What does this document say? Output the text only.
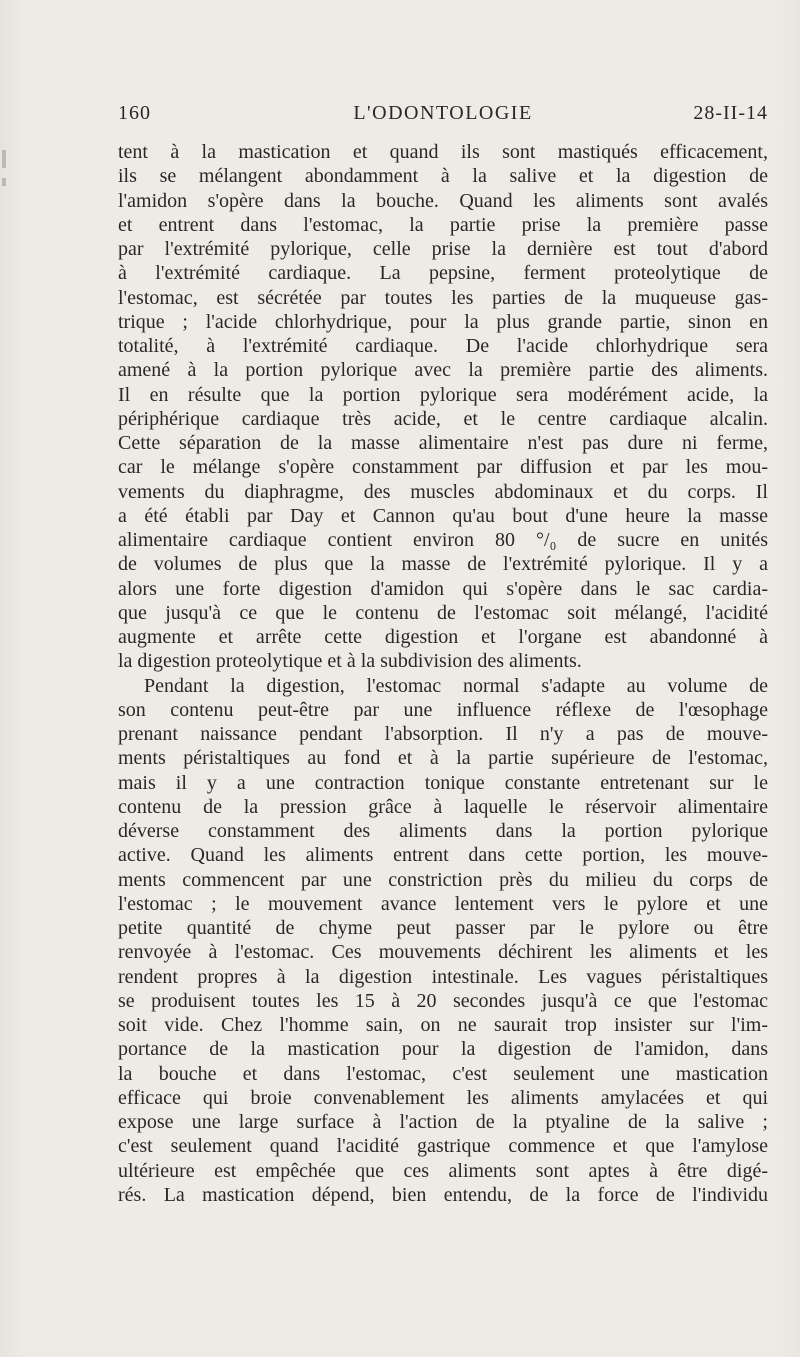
160	L'ODONTOLOGIE	28-II-14
tent à la mastication et quand ils sont mastiqués efficacement,
ils se mélangent abondamment à la salive et la digestion de
l'amidon s'opère dans la bouche. Quand les aliments sont avalés
et entrent dans l'estomac, la partie prise la première passe
par l'extrémité pylorique, celle prise la dernière est tout d'abord
à l'extrémité cardiaque. La pepsine, ferment proteolytique de
l'estomac, est sécrétée par toutes les parties de la muqueuse gas-
trique ; l'acide chlorhydrique, pour la plus grande partie, sinon en
totalité, à l'extrémité cardiaque. De l'acide chlorhydrique sera
amené à la portion pylorique avec la première partie des aliments.
Il en résulte que la portion pylorique sera modérément acide, la
périphérique cardiaque très acide, et le centre cardiaque alcalin.
Cette séparation de la masse alimentaire n'est pas dure ni ferme,
car le mélange s'opère constamment par diffusion et par les mou-
vements du diaphragme, des muscles abdominaux et du corps. Il
a été établi par Day et Cannon qu'au bout d'une heure la masse
alimentaire cardiaque contient environ 80 °/₀ de sucre en unités
de volumes de plus que la masse de l'extrémité pylorique. Il y a
alors une forte digestion d'amidon qui s'opère dans le sac cardia-
que jusqu'à ce que le contenu de l'estomac soit mélangé, l'acidité
augmente et arrête cette digestion et l'organe est abandonné à
la digestion proteolytique et à la subdivision des aliments.
Pendant la digestion, l'estomac normal s'adapte au volume de
son contenu peut-être par une influence réflexe de l'œsophage
prenant naissance pendant l'absorption. Il n'y a pas de mouve-
ments péristaltiques au fond et à la partie supérieure de l'estomac,
mais il y a une contraction tonique constante entretenant sur le
contenu de la pression grâce à laquelle le réservoir alimentaire
déverse constamment des aliments dans la portion pylorique
active. Quand les aliments entrent dans cette portion, les mouve-
ments commencent par une constriction près du milieu du corps de
l'estomac ; le mouvement avance lentement vers le pylore et une
petite quantité de chyme peut passer par le pylore ou être
renvoyée à l'estomac. Ces mouvements déchirent les aliments et les
rendent propres à la digestion intestinale. Les vagues péristaltiques
se produisent toutes les 15 à 20 secondes jusqu'à ce que l'estomac
soit vide. Chez l'homme sain, on ne saurait trop insister sur l'im-
portance de la mastication pour la digestion de l'amidon, dans
la bouche et dans l'estomac, c'est seulement une mastication
efficace qui broie convenablement les aliments amylacées et qui
expose une large surface à l'action de la ptyaline de la salive ;
c'est seulement quand l'acidité gastrique commence et que l'amylose
ultérieure est empêchée que ces aliments sont aptes à être digé-
rés. La mastication dépend, bien entendu, de la force de l'individu
